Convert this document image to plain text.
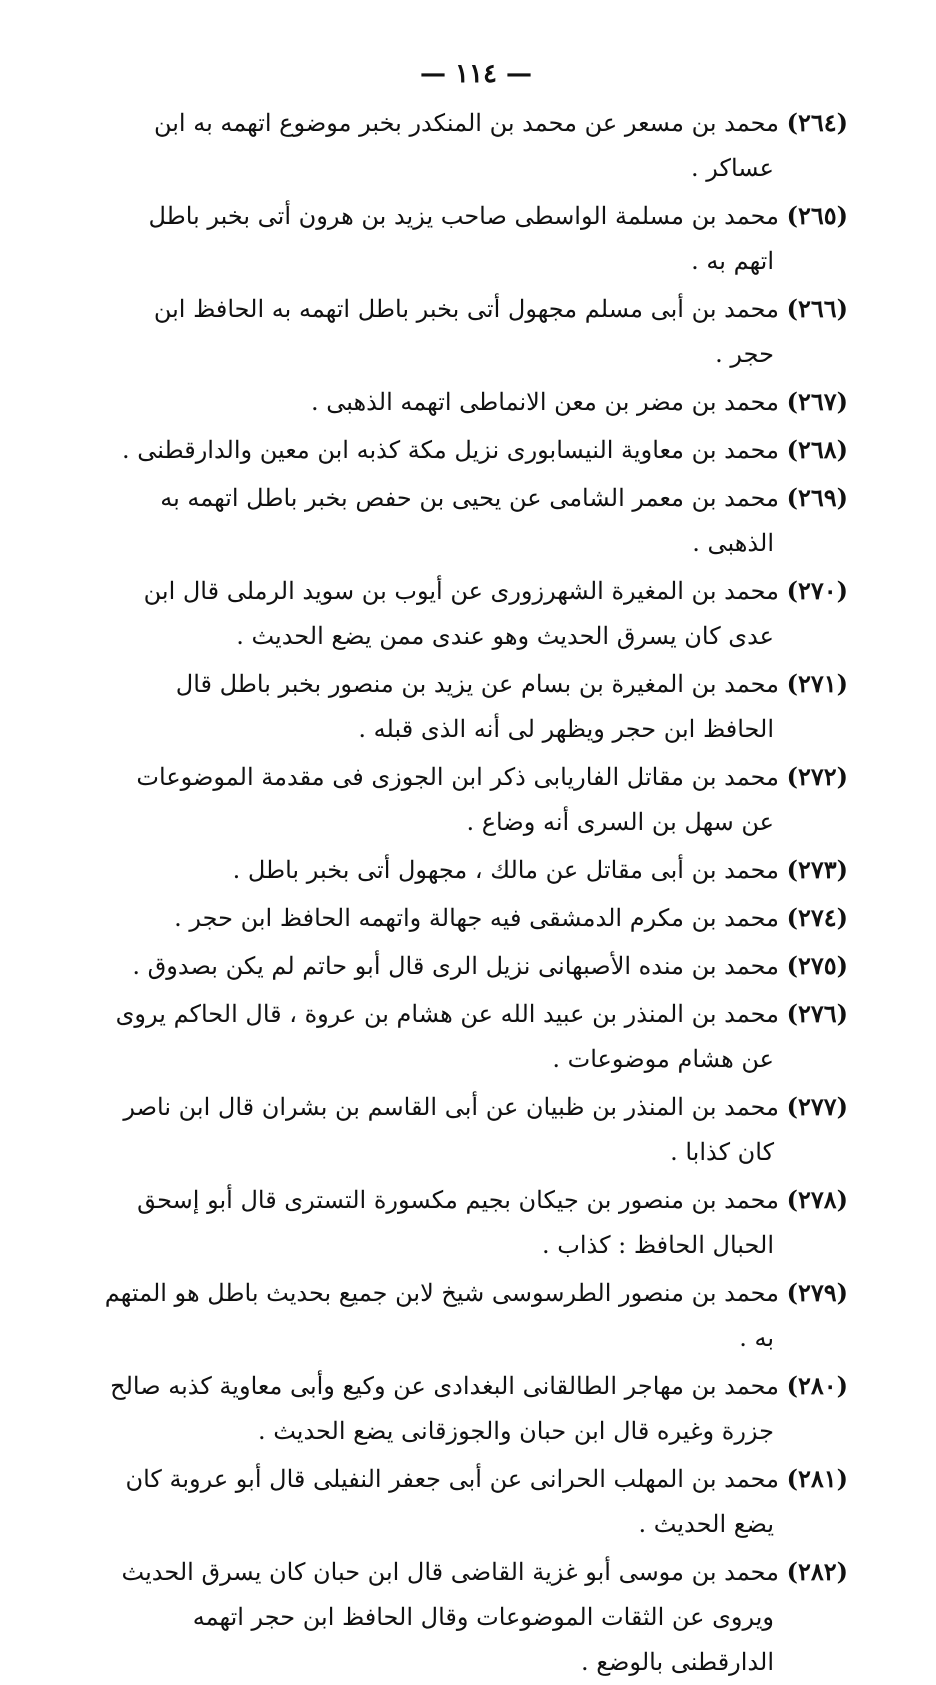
— ١١٤ —

(٢٦٤) محمد بن مسعر عن محمد بن المنكدر بخبر موضوع اتهمه به ابن عساكر .

(٢٦٥) محمد بن مسلمة الواسطى صاحب يزيد بن هرون أتى بخبر باطل اتهم به .

(٢٦٦) محمد بن أبى مسلم مجهول أتى بخبر باطل اتهمه به الحافظ ابن حجر .

(٢٦٧) محمد بن مضر بن معن الانماطى اتهمه الذهبى .

(٢٦٨) محمد بن معاوية النيسابورى نزيل مكة كذبه ابن معين والدارقطنى .

(٢٦٩) محمد بن معمر الشامى عن يحيى بن حفص بخبر باطل اتهمه به الذهبى .

(٢٧٠) محمد بن المغيرة الشهرزورى عن أيوب بن سويد الرملى قال ابن عدى كان يسرق الحديث وهو عندى ممن يضع الحديث .

(٢٧١) محمد بن المغيرة بن بسام عن يزيد بن منصور بخبر باطل قال الحافظ ابن حجر ويظهر لى أنه الذى قبله .

(٢٧٢) محمد بن مقاتل الفاريابى ذكر ابن الجوزى فى مقدمة الموضوعات عن سهل بن السرى أنه وضاع .

(٢٧٣) محمد بن أبى مقاتل عن مالك ، مجهول أتى بخبر باطل .

(٢٧٤) محمد بن مكرم الدمشقى فيه جهالة واتهمه الحافظ ابن حجر .

(٢٧٥) محمد بن منده الأصبهانى نزيل الرى قال أبو حاتم لم يكن بصدوق .

(٢٧٦) محمد بن المنذر بن عبيد الله عن هشام بن عروة ، قال الحاكم يروى عن هشام موضوعات .

(٢٧٧) محمد بن المنذر بن ظبيان عن أبى القاسم بن بشران قال ابن ناصر كان كذابا .

(٢٧٨) محمد بن منصور بن جيكان بجيم مكسورة التسترى قال أبو إسحق الحبال الحافظ : كذاب .

(٢٧٩) محمد بن منصور الطرسوسى شيخ لابن جميع بحديث باطل هو المتهم به .

(٢٨٠) محمد بن مهاجر الطالقانى البغدادى عن وكيع وأبى معاوية كذبه صالح جزرة وغيره قال ابن حبان والجوزقانى يضع الحديث .

(٢٨١) محمد بن المهلب الحرانى عن أبى جعفر النفيلى قال أبو عروبة كان يضع الحديث .

(٢٨٢) محمد بن موسى أبو غزية القاضى قال ابن حبان كان يسرق الحديث ويروى عن الثقات الموضوعات وقال الحافظ ابن حجر اتهمه الدارقطنى بالوضع .
